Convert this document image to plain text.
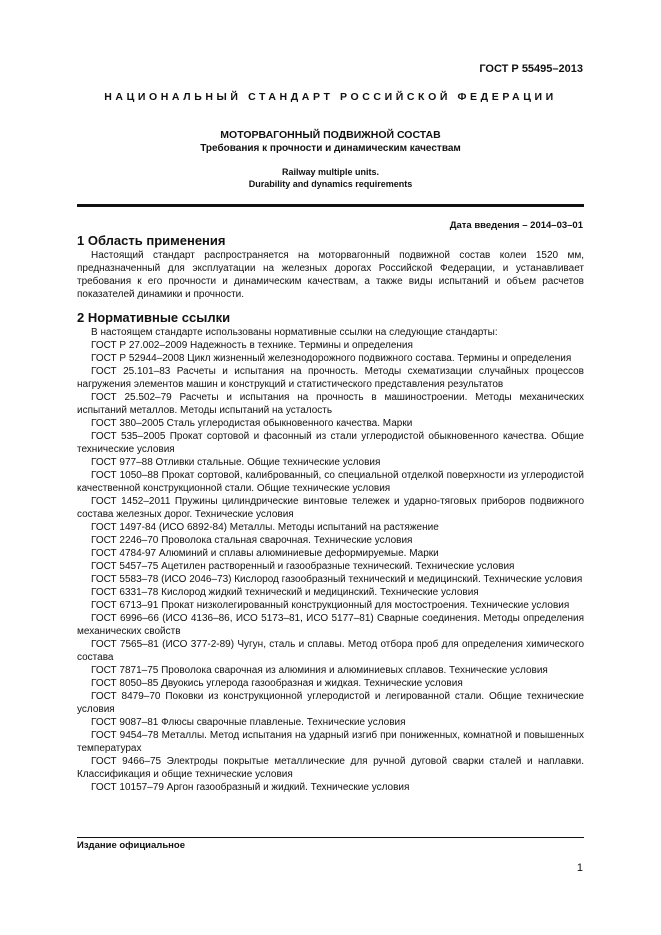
ГОСТ Р 55495–2013
НАЦИОНАЛЬНЫЙ СТАНДАРТ РОССИЙСКОЙ ФЕДЕРАЦИИ
МОТОРВАГОННЫЙ ПОДВИЖНОЙ СОСТАВ
Требования к прочности и динамическим качествам
Railway multiple units.
Durability and dynamics requirements
Дата введения – 2014–03–01
1 Область применения

Настоящий стандарт распространяется на моторвагонный подвижной состав колеи 1520 мм, предназначенный для эксплуатации на железных дорогах Российской Федерации, и устанавливает требования к его прочности и динамическим качествам, а также виды испытаний и объем расчетов показателей динамики и прочности.

2 Нормативные ссылки

В настоящем стандарте использованы нормативные ссылки на следующие стандарты:

ГОСТ Р 27.002–2009 Надежность в технике. Термины и определения

ГОСТ Р 52944–2008 Цикл жизненный железнодорожного подвижного состава. Термины и определения

ГОСТ 25.101–83 Расчеты и испытания на прочность. Методы схематизации случайных процессов нагружения элементов машин и конструкций и статистического представления результатов

ГОСТ 25.502–79 Расчеты и испытания на прочность в машиностроении. Методы механических испытаний металлов. Методы испытаний на усталость

ГОСТ 380–2005 Сталь углеродистая обыкновенного качества. Марки

ГОСТ 535–2005 Прокат сортовой и фасонный из стали углеродистой обыкновенного качества. Общие технические условия

ГОСТ 977–88 Отливки стальные. Общие технические условия

ГОСТ 1050–88 Прокат сортовой, калиброванный, со специальной отделкой поверхности из углеродистой качественной конструкционной стали. Общие технические условия

ГОСТ 1452–2011 Пружины цилиндрические винтовые тележек и ударно-тяговых приборов подвижного состава железных дорог. Технические условия

ГОСТ 1497-84 (ИСО 6892-84) Металлы. Методы испытаний на растяжение

ГОСТ 2246–70 Проволока стальная сварочная. Технические условия

ГОСТ 4784-97 Алюминий и сплавы алюминиевые деформируемые. Марки

ГОСТ 5457–75 Ацетилен растворенный и газообразные технический. Технические условия

ГОСТ 5583–78 (ИСО 2046–73) Кислород газообразный технический и медицинский. Технические условия

ГОСТ 6331–78 Кислород жидкий технический и медицинский. Технические условия

ГОСТ 6713–91 Прокат низколегированный конструкционный для мостостроения. Технические условия

ГОСТ 6996–66 (ИСО 4136–86, ИСО 5173–81, ИСО 5177–81) Сварные соединения. Методы определения механических свойств

ГОСТ 7565–81 (ИСО 377-2-89) Чугун, сталь и сплавы. Метод отбора проб для определения химического состава

ГОСТ 7871–75 Проволока сварочная из алюминия и алюминиевых сплавов. Технические условия

ГОСТ 8050–85 Двуокись углерода газообразная и жидкая. Технические условия

ГОСТ 8479–70 Поковки из конструкционной углеродистой и легированной стали. Общие технические условия

ГОСТ 9087–81 Флюсы сварочные плавленые. Технические условия

ГОСТ 9454–78 Металлы. Метод испытания на ударный изгиб при пониженных, комнатной и повышенных температурах

ГОСТ 9466–75 Электроды покрытые металлические для ручной дуговой сварки сталей и наплавки. Классификация и общие технические условия

ГОСТ 10157–79 Аргон газообразный и жидкий. Технические условия

Издание официальное
1
